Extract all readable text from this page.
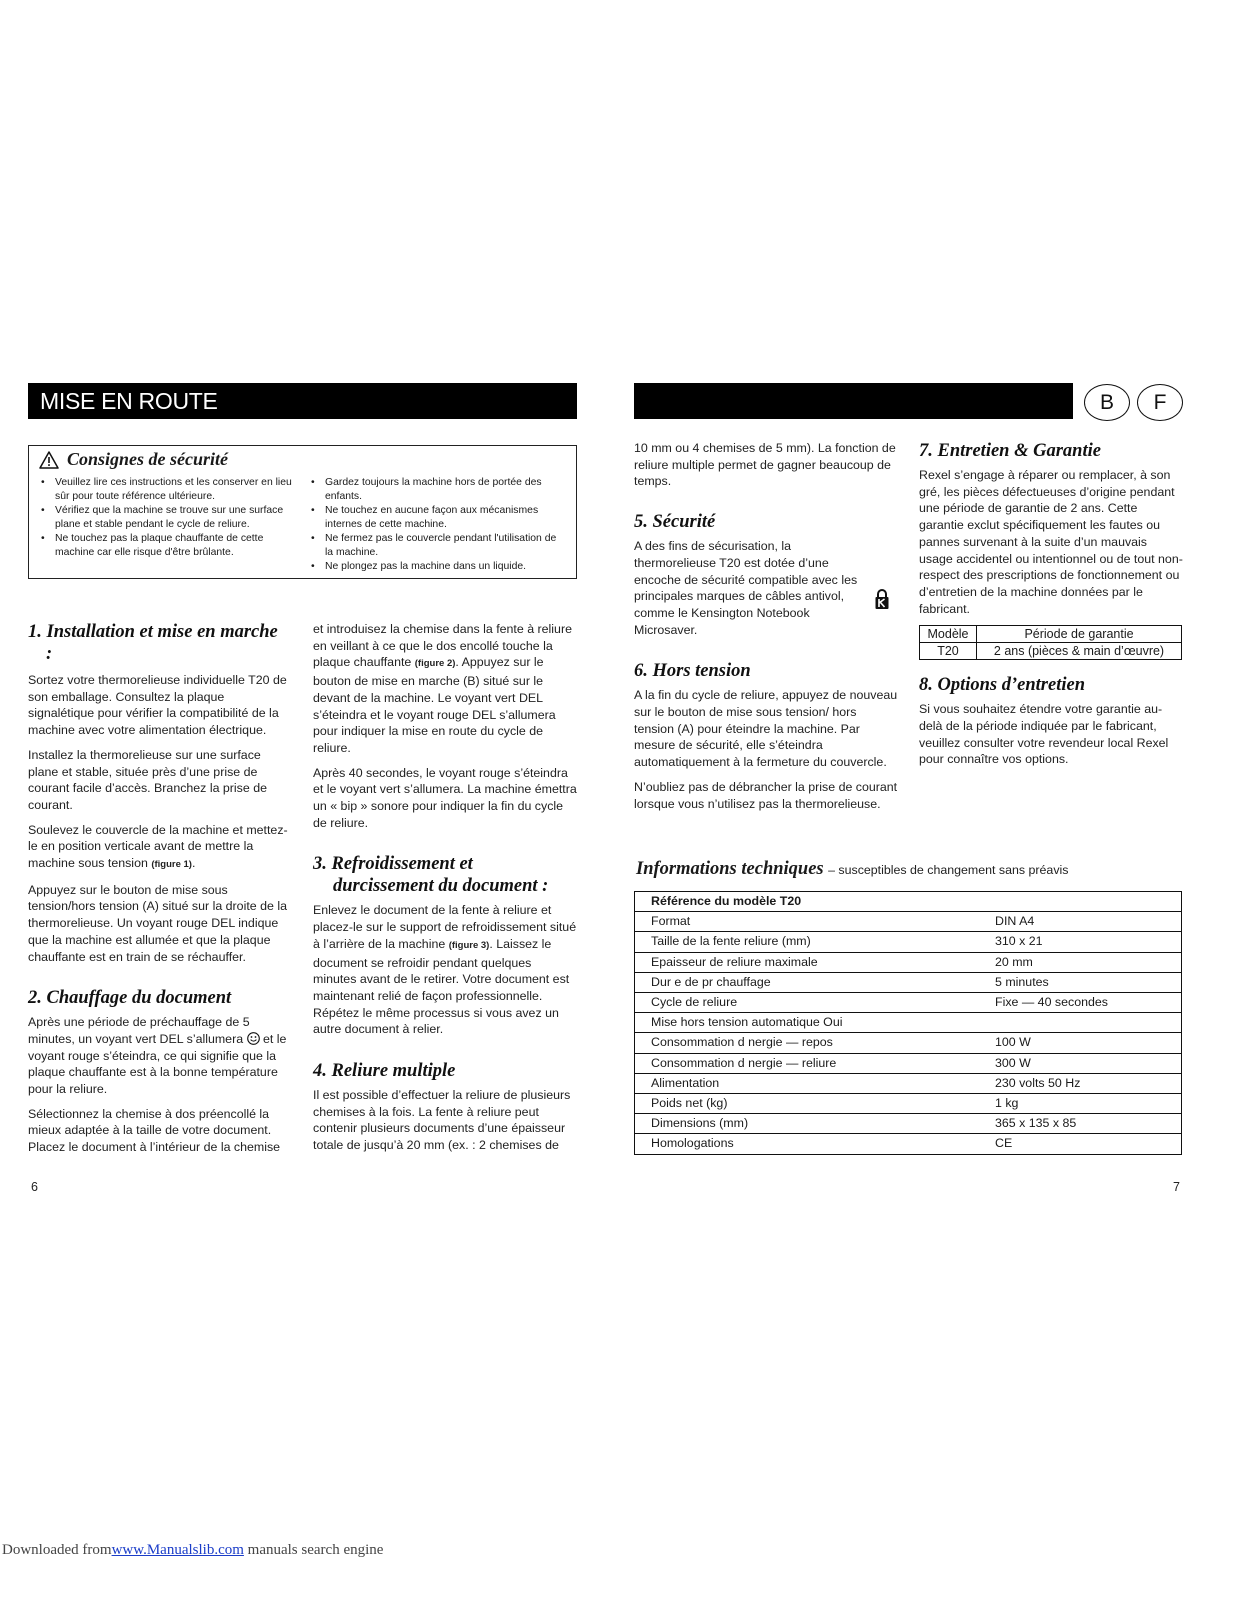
MISE EN ROUTE	B	F
Consignes de sécurité
• Veuillez lire ces instructions et les conserver en lieu sûr pour toute référence ultérieure.
• Vérifiez que la machine se trouve sur une surface plane et stable pendant le cycle de reliure.
• Ne touchez pas la plaque chauffante de cette machine car elle risque d'être brûlante.
• Gardez toujours la machine hors de portée des enfants.
• Ne touchez en aucune façon aux mécanismes internes de cette machine.
• Ne fermez pas le couvercle pendant l'utilisation de la machine.
• Ne plongez pas la machine dans un liquide.
1. Installation et mise en marche
:

Sortez votre thermorelieuse individuelle T20 de son emballage. Consultez la plaque signalétique pour vérifier la compatibilité de la machine avec votre alimentation électrique.

Installez la thermorelieuse sur une surface plane et stable, située près d’une prise de courant facile d’accès. Branchez la prise de courant.

Soulevez le couvercle de la machine et mettez-le en position verticale avant de mettre la machine sous tension (figure 1).

Appuyez sur le bouton de mise sous tension/hors tension (A) situé sur la droite de la thermorelieuse. Un voyant rouge DEL indique que la machine est allumée et que la plaque chauffante est en train de se réchauffer.

2. Chauffage du document

Après une période de préchauffage de 5 minutes, un voyant vert DEL s’allumera et le voyant rouge s’éteindra, ce qui signifie que la plaque chauffante est à la bonne température pour la reliure.

Sélectionnez la chemise à dos préencollé la mieux adaptée à la taille de votre document. Placez le document à l’intérieur de la chemise

et introduisez la chemise dans la fente à reliure en veillant à ce que le dos encollé touche la plaque chauffante (figure 2). Appuyez sur le bouton de mise en marche (B) situé sur le devant de la machine. Le voyant vert DEL s’éteindra et le voyant rouge DEL s’allumera pour indiquer la mise en route du cycle de reliure.

Après 40 secondes, le voyant rouge s’éteindra et le voyant vert s’allumera. La machine émettra un « bip » sonore pour indiquer la fin du cycle de reliure.

3. Refroidissement et
durcissement du document :

Enlevez le document de la fente à reliure et placez-le sur le support de refroidissement situé à l’arrière de la machine (figure 3). Laissez le document se refroidir pendant quelques minutes avant de le retirer. Votre document est maintenant relié de façon professionnelle. Répétez le même processus si vous avez un autre document à relier.

4. Reliure multiple

Il est possible d’effectuer la reliure de plusieurs chemises à la fois. La fente à reliure peut contenir plusieurs documents d’une épaisseur totale de jusqu’à 20 mm (ex. : 2 chemises de

10 mm ou 4 chemises de 5 mm). La fonction de reliure multiple permet de gagner beaucoup de temps.

5. Sécurité

A des fins de sécurisation, la thermorelieuse T20 est dotée d’une encoche de sécurité compatible avec les principales marques de câbles antivol, comme le Kensington Notebook Microsaver.

6. Hors tension

A la fin du cycle de reliure, appuyez de nouveau sur le bouton de mise sous tension/ hors tension (A) pour éteindre la machine. Par mesure de sécurité, elle s’éteindra automatiquement à la fermeture du couvercle.

N’oubliez pas de débrancher la prise de courant lorsque vous n’utilisez pas la thermorelieuse.

7. Entretien & Garantie

Rexel s’engage à réparer ou remplacer, à son gré, les pièces défectueuses d’origine pendant une période de garantie de 2 ans. Cette garantie exclut spécifiquement les fautes ou pannes survenant à la suite d’un mauvais usage accidentel ou intentionnel ou de tout non-respect des prescriptions de fonctionnement ou d’entretien de la machine données par le fabricant.

Modèle	Période de garantie
T20	2 ans (pièces & main d’œuvre)
8. Options d’entretien

Si vous souhaitez étendre votre garantie au-delà de la période indiquée par le fabricant, veuillez consulter votre revendeur local Rexel pour connaître vos options.

Informations techniques – susceptibles de changement sans préavis
Référence du modèle T20	
Format	DIN A4
Taille de la fente reliure (mm)	310 x 21
Epaisseur de reliure maximale	20 mm
Dur e de pr chauffage	5 minutes
Cycle de reliure	Fixe — 40 secondes
Mise hors tension automatique Oui	
Consommation d nergie — repos	100 W
Consommation d nergie — reliure	300 W
Alimentation	230 volts 50 Hz
Poids net (kg)	1 kg
Dimensions (mm)	365 x 135 x 85
Homologations	CE
6	7
Downloaded fromwww.Manualslib.com manuals search engine
